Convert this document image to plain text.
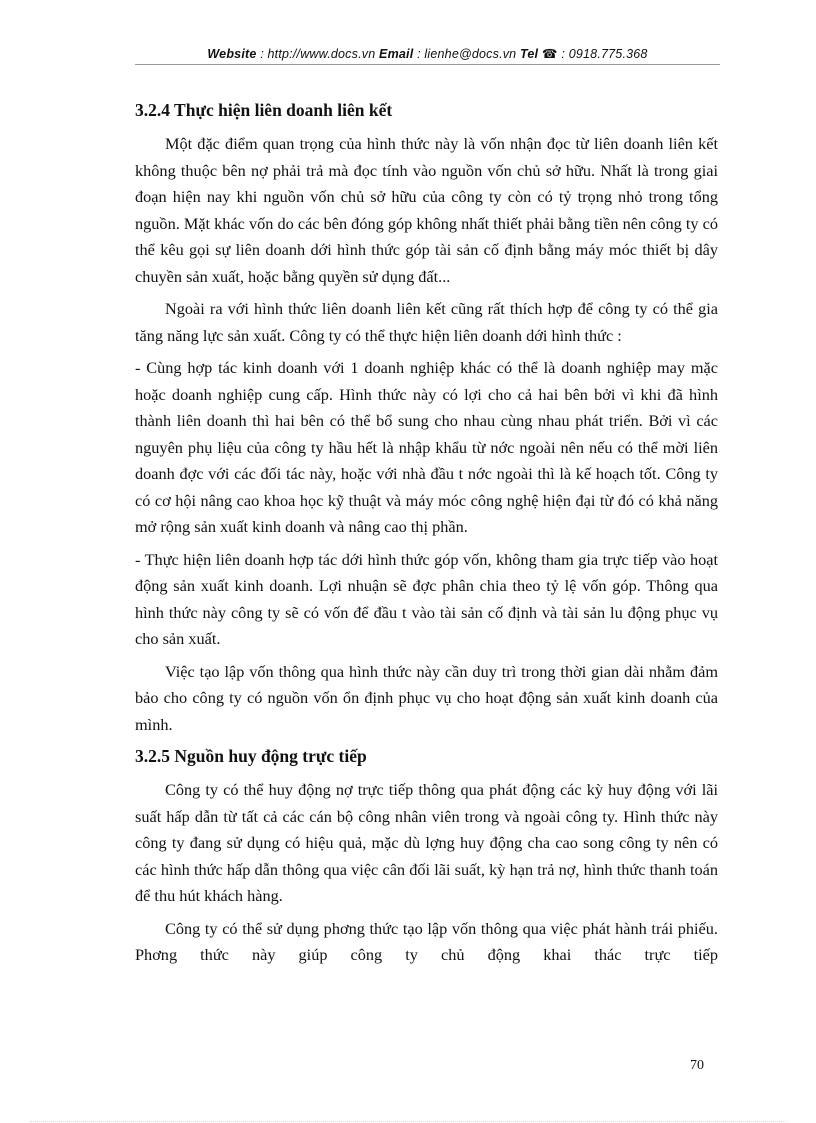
Website : http://www.docs.vn Email : lienhe@docs.vn Tel ☎ : 0918.775.368
3.2.4 Thực hiện liên doanh liên kết

Một đặc điểm quan trọng của hình thức này là vốn nhận đọc từ liên doanh liên kết không thuộc bên nợ phải trả mà đọc tính vào nguồn vốn chủ sở hữu. Nhất là trong giai đoạn hiện nay khi nguồn vốn chủ sở hữu của công ty còn có tỷ trọng nhỏ trong tổng nguồn. Mặt khác vốn do các bên đóng góp không nhất thiết phải bằng tiền nên công ty có thể kêu gọi sự liên doanh dới hình thức góp tài sản cố định bằng máy móc thiết bị dây chuyền sản xuất, hoặc bằng quyền sử dụng đất...

Ngoài ra với hình thức liên doanh liên kết cũng rất thích hợp để công ty có thể gia tăng năng lực sản xuất. Công ty có thể thực hiện liên doanh dới hình thức :

- Cùng hợp tác kinh doanh với 1 doanh nghiệp khác có thể là doanh nghiệp may mặc hoặc doanh nghiệp cung cấp. Hình thức này có lợi cho cả hai bên bởi vì khi đã hình thành liên doanh thì hai bên có thể bổ sung cho nhau cùng nhau phát triển. Bởi vì các nguyên phụ liệu của công ty hầu hết là nhập khẩu từ nớc ngoài nên nếu có thể mời liên doanh đợc với các đối tác này, hoặc với nhà đầu t nớc ngoài thì là kế hoạch tốt. Công ty có cơ hội nâng cao khoa học kỹ thuật và máy móc công nghệ hiện đại từ đó có khả năng mở rộng sản xuất kinh doanh và nâng cao thị phần.

- Thực hiện liên doanh hợp tác dới hình thức góp vốn, không tham gia trực tiếp vào hoạt động sản xuất kinh doanh. Lợi nhuận sẽ đợc phân chia theo tỷ lệ vốn góp. Thông qua hình thức này công ty sẽ có vốn để đầu t vào tài sản cố định và tài sản lu động phục vụ cho sản xuất.

Việc tạo lập vốn thông qua hình thức này cần duy trì trong thời gian dài nhằm đảm bảo cho công ty có nguồn vốn ổn định phục vụ cho hoạt động sản xuất kinh doanh của mình.

3.2.5 Nguồn huy động trực tiếp

Công ty có thể huy động nợ trực tiếp thông qua phát động các kỳ huy động với lãi suất hấp dẫn từ tất cả các cán bộ công nhân viên trong và ngoài công ty. Hình thức này công ty đang sử dụng có hiệu quả, mặc dù lợng huy động cha cao song công ty nên có các hình thức hấp dẫn thông qua việc cân đối lãi suất, kỳ hạn trả nợ, hình thức thanh toán để thu hút khách hàng.

Công ty có thể sử dụng phơng thức tạo lập vốn thông qua việc phát hành trái phiếu. Phơng thức này giúp công ty chủ động khai thác trực tiếp

70
